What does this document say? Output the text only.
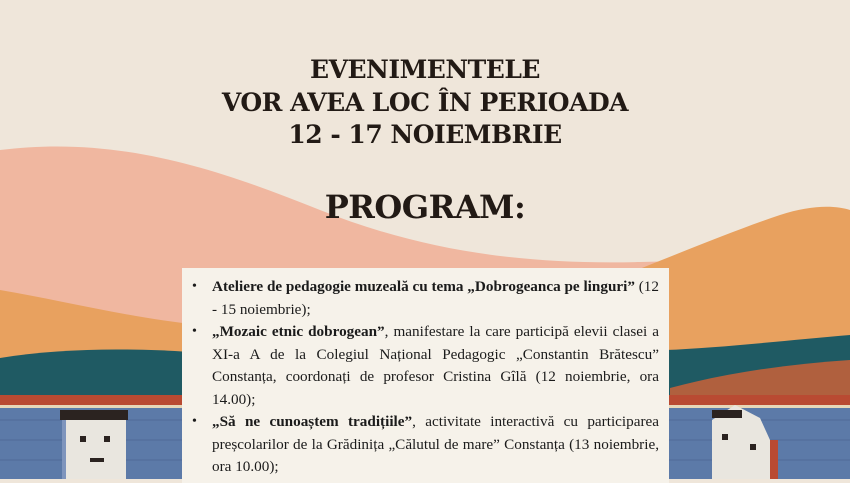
EVENIMENTELE
VOR AVEA LOC ÎN PERIOADA
12 - 17 NOIEMBRIE
PROGRAM:
• Ateliere de pedagogie muzeală cu tema „Dobrogeanca pe linguri” (12 - 15 noiembrie);
• „Mozaic etnic dobrogean”, manifestare la care participă elevii clasei a XI-a A de la Colegiul Național Pedagogic „Constantin Brătescu” Constanța, coordonați de profesor Cristina Gîlă (12 noiembrie, ora 14.00);
• „Să ne cunoaștem tradițiile”, activitate interactivă cu participarea preșcolarilor de la Grădinița „Călutul de mare” Constanța (13 noiembrie, ora 10.00);
